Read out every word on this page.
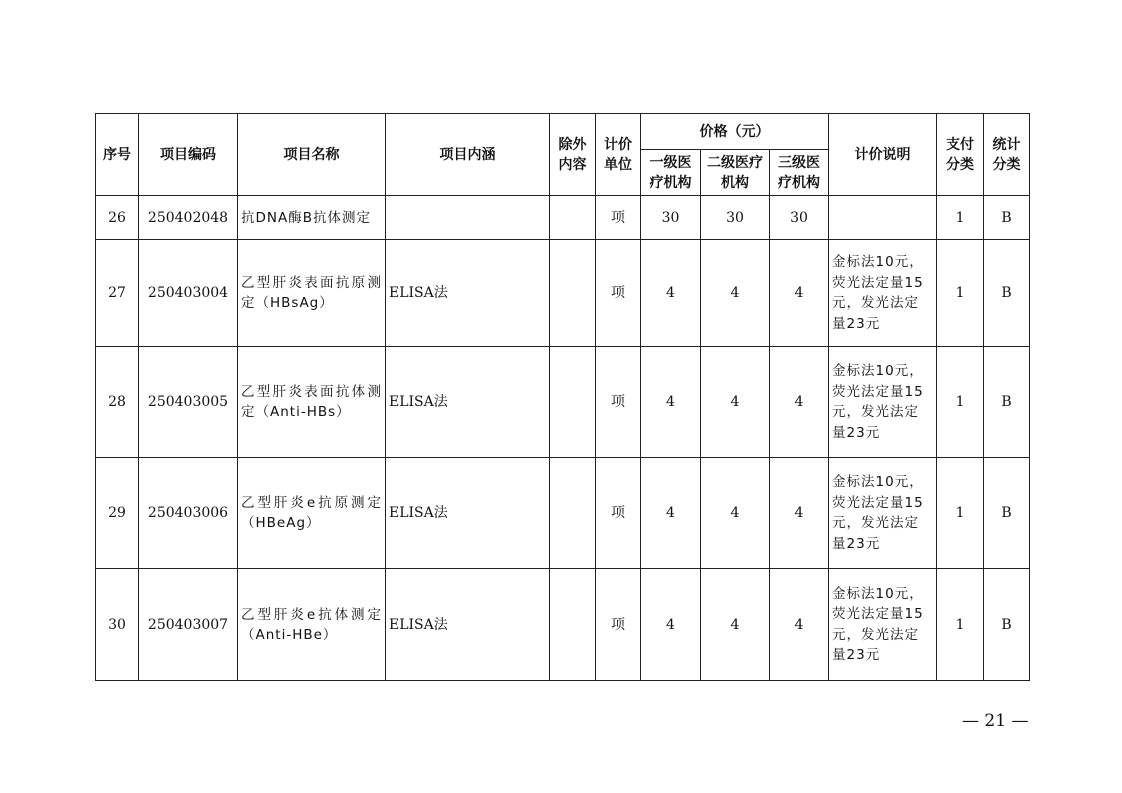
序号	项目编码	项目名称	项目内涵	除外内容	计价单位	价格（元）			计价说明	支付分类	统计分类
						一级医疗机构	二级医疗机构	三级医疗机构			
26	250402048	抗DNA酶B抗体测定			项	30	30	30		1	B
27	250403004	乙型肝炎表面抗原测定（HBsAg）	ELISA法		项	4	4	4	金标法10元，荧光法定量15元，发光法定量23元	1	B
28	250403005	乙型肝炎表面抗体测定（Anti-HBs）	ELISA法		项	4	4	4	金标法10元，荧光法定量15元，发光法定量23元	1	B
29	250403006	乙型肝炎e抗原测定（HBeAg）	ELISA法		项	4	4	4	金标法10元，荧光法定量15元，发光法定量23元	1	B
30	250403007	乙型肝炎e抗体测定（Anti-HBe）	ELISA法		项	4	4	4	金标法10元，荧光法定量15元，发光法定量23元	1	B
— 21 —
